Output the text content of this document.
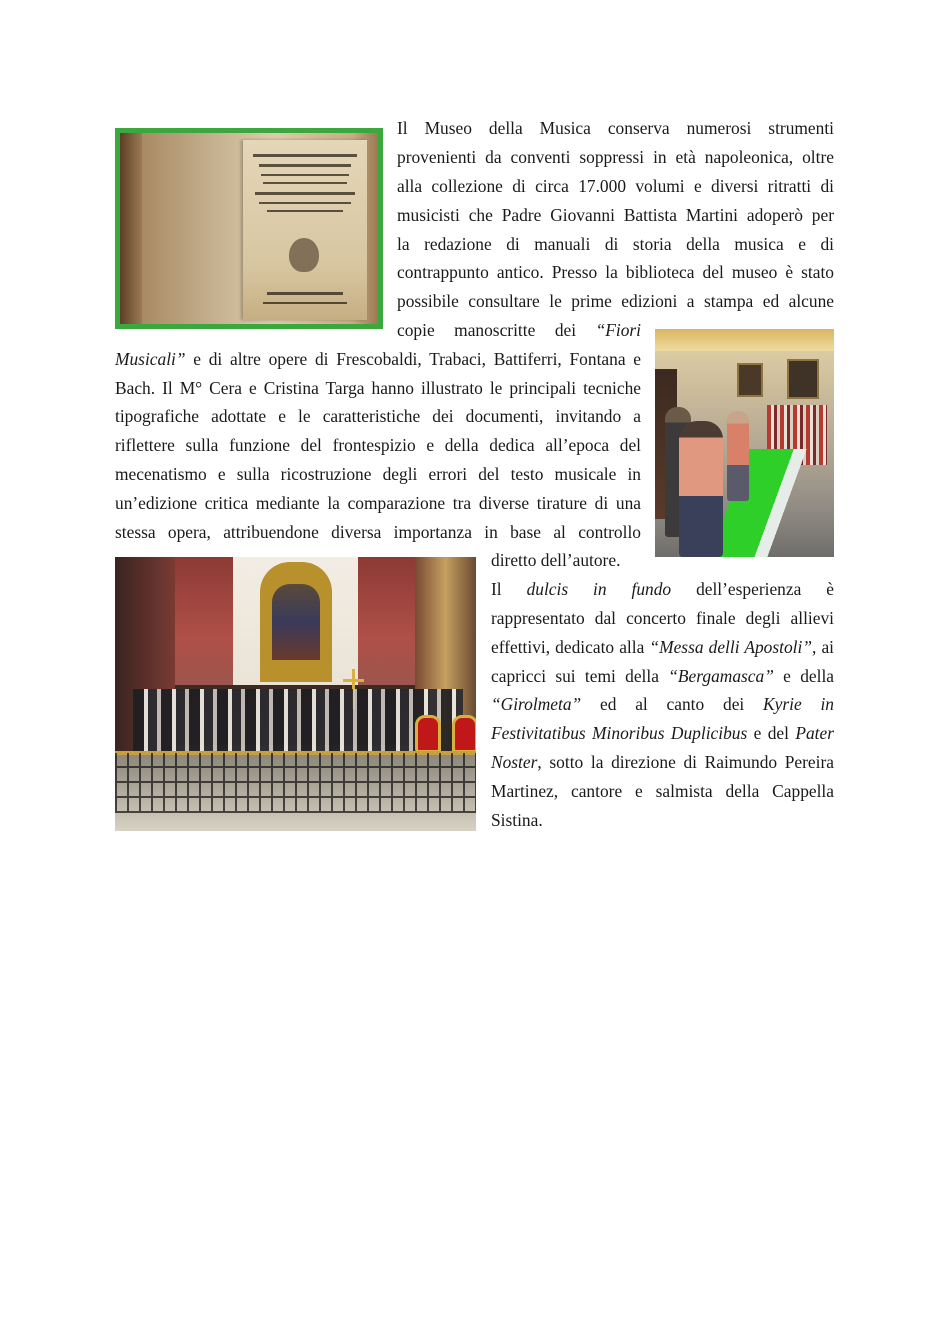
Il Museo della Musica conserva numerosi strumenti
provenienti da conventi soppressi in età napoleonica, oltre
alla collezione di circa 17.000 volumi e diversi ritratti di
musicisti che Padre Giovanni Battista Martini adoperò per
la redazione di manuali di storia della musica e di
contrappunto antico. Presso la biblioteca del museo è stato
possibile consultare le prime edizioni a stampa ed alcune
copie manoscritte dei “Fiori
Musicali” e di altre opere di Frescobaldi, Trabaci, Battiferri, Fontana e
Bach. Il M° Cera e Cristina Targa hanno illustrato le principali tecniche
tipografiche adottate e le caratteristiche dei documenti, invitando a
riflettere sulla funzione del frontespizio e della dedica all’epoca del
mecenatismo e sulla ricostruzione degli errori del testo musicale in
un’edizione critica mediante la comparazione tra diverse tirature di una
stessa opera, attribuendone diversa importanza in base al controllo
diretto dell’autore.
Il dulcis in fundo dell’esperienza è
rappresentato dal concerto finale degli allievi
effettivi, dedicato alla “Messa delli Apostoli”, ai
capricci sui temi della “Bergamasca” e della
“Girolmeta” ed al canto dei Kyrie in
Festivitatibus Minoribus Duplicibus e del Pater
Noster, sotto la direzione di Raimundo Pereira
Martinez, cantore e salmista della Cappella
Sistina.
